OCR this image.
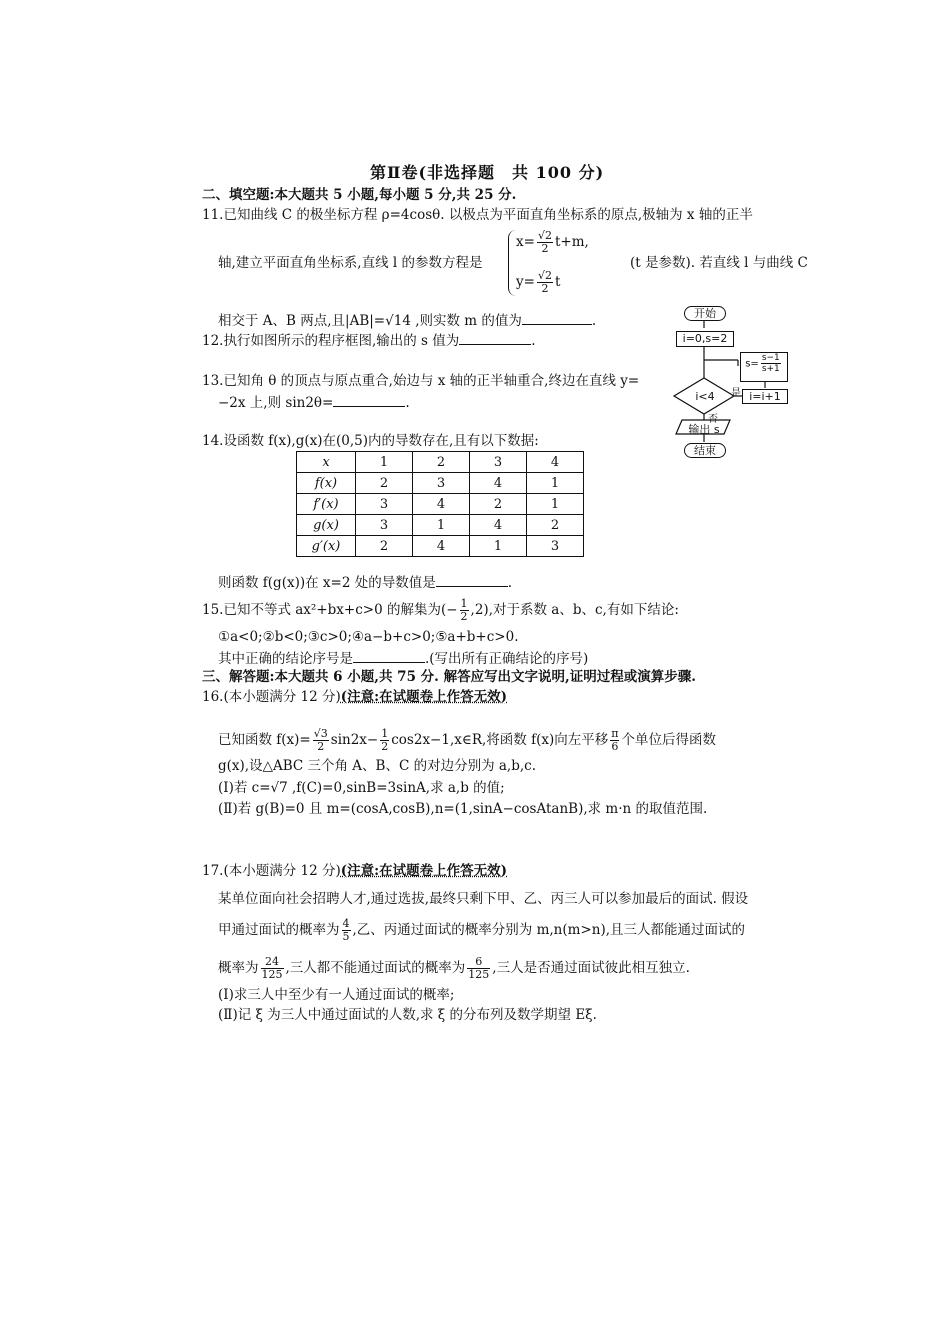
第Ⅱ卷(非选择题　共 100 分)
二、填空题:本大题共 5 小题,每小题 5 分,共 25 分.
11.已知曲线 C 的极坐标方程 ρ=4cosθ. 以极点为平面直角坐标系的原点,极轴为 x 轴的正半
轴,建立平面直角坐标系,直线 l 的参数方程是
$x= \frac{√2}{2} t+m$,
$y= \frac{√2}{2}$ t
(t 是参数). 若直线 l 与曲线 C
相交于 A、B 两点,且|AB|=√14 ,则实数 m 的值为	.
12.执行如图所示的程序框图,输出的 s 值为	.
13.已知角 θ 的顶点与原点重合,始边与 x 轴的正半轴重合,终边在直线 y=
−2x 上,则 sin2θ=	.
14.设函数 f(x),g(x)在(0,5)内的导数存在,且有以下数据:
x	1	2	3	4
f(x)	2	3	4	1
f′(x)	3	4	2	1
g(x)	3	1	4	2
g′(x)	2	4	1	3
则函数 f(g(x))在 x=2 处的导数值是	.
15.已知不等式 ax²+bx+c>0 的解集为(− $\frac{1}{2} ,2$),对于系数 a、b、c,有如下结论:
①a<0;②b<0;③c>0;④a−b+c>0;⑤a+b+c>0.
其中正确的结论序号是	.(写出所有正确结论的序号)
三、解答题:本大题共 6 小题,共 75 分. 解答应写出文字说明,证明过程或演算步骤.
16.(本小题满分 12 分)(注意:在试题卷上作答无效)
已知函数 $f(x)= \frac{√3}{2} \sin 2x- \frac{1}{2}$ cos2x−1,x∈R,将函数 f(x)向左平移 $\frac{\pi}{6}$ 个单位后得函数
g(x),设△ABC 三个角 A、B、C 的对边分别为 a,b,c.
(Ⅰ)若 c=√7 ,f(C)=0,sinB=3sinA,求 a,b 的值;
(Ⅱ)若 g(B)=0 且 m=(cosA,cosB),n=(1,sinA−cosAtanB),求 m·n 的取值范围.
17.(本小题满分 12 分)(注意:在试题卷上作答无效)
某单位面向社会招聘人才,通过选拔,最终只剩下甲、乙、丙三人可以参加最后的面试. 假设
甲通过面试的概率为 $\frac{4}{5}$ ,乙、丙通过面试的概率分别为 m,n(m>n),且三人都能通过面试的
概率为 $\frac{24}{125}$ ,三人都不能通过面试的概率为 $\frac{6}{125}$ ,三人是否通过面试彼此相互独立.
(Ⅰ)求三人中至少有一人通过面试的概率;
(Ⅱ)记 ξ 为三人中通过面试的人数,求 ξ 的分布列及数学期望 Eξ.
开始
i=0,s=2
$s= \frac{s-1}{s+1}$
i<4	是
否
i=i+1
输出 s
结束
